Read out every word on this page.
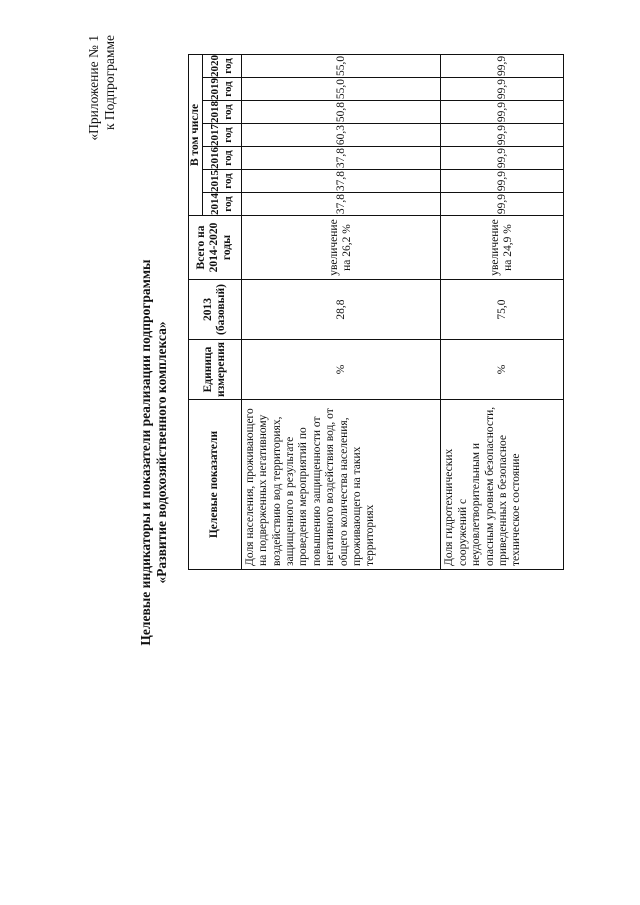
«Приложение № 1 к Подпрограмме
Целевые индикаторы и показатели реализации подпрограммы «Развитие водохозяйственного комплекса»	Целевые показатели	Единица измерения	2013 (базовый)	Всего на 2014-2020 годы	В том числе						
				2014 год	2015 год	2016 год	2017 год	2018 год	2019 год	2020 год
Доля населения, проживающего на подверженных негативному воздействию вод территориях, защищенного в результате проведения мероприятий по повышению защищенности от негативного воздействия вод, от общего количества населения, проживающего на таких территориях	%	28,8	увеличение на 26,2 %	37,8	37,8	37,8	60,3	50,8	55,0	55,0
Доля гидротехнических сооружений с неудовлетворительным и опасным уровнем безопасности, приведенных в безопасное техническое состояние	%	75,0	увеличение на 24,9 %	99,9	99,9	99,9	99,9	99,9	99,9	99,9
